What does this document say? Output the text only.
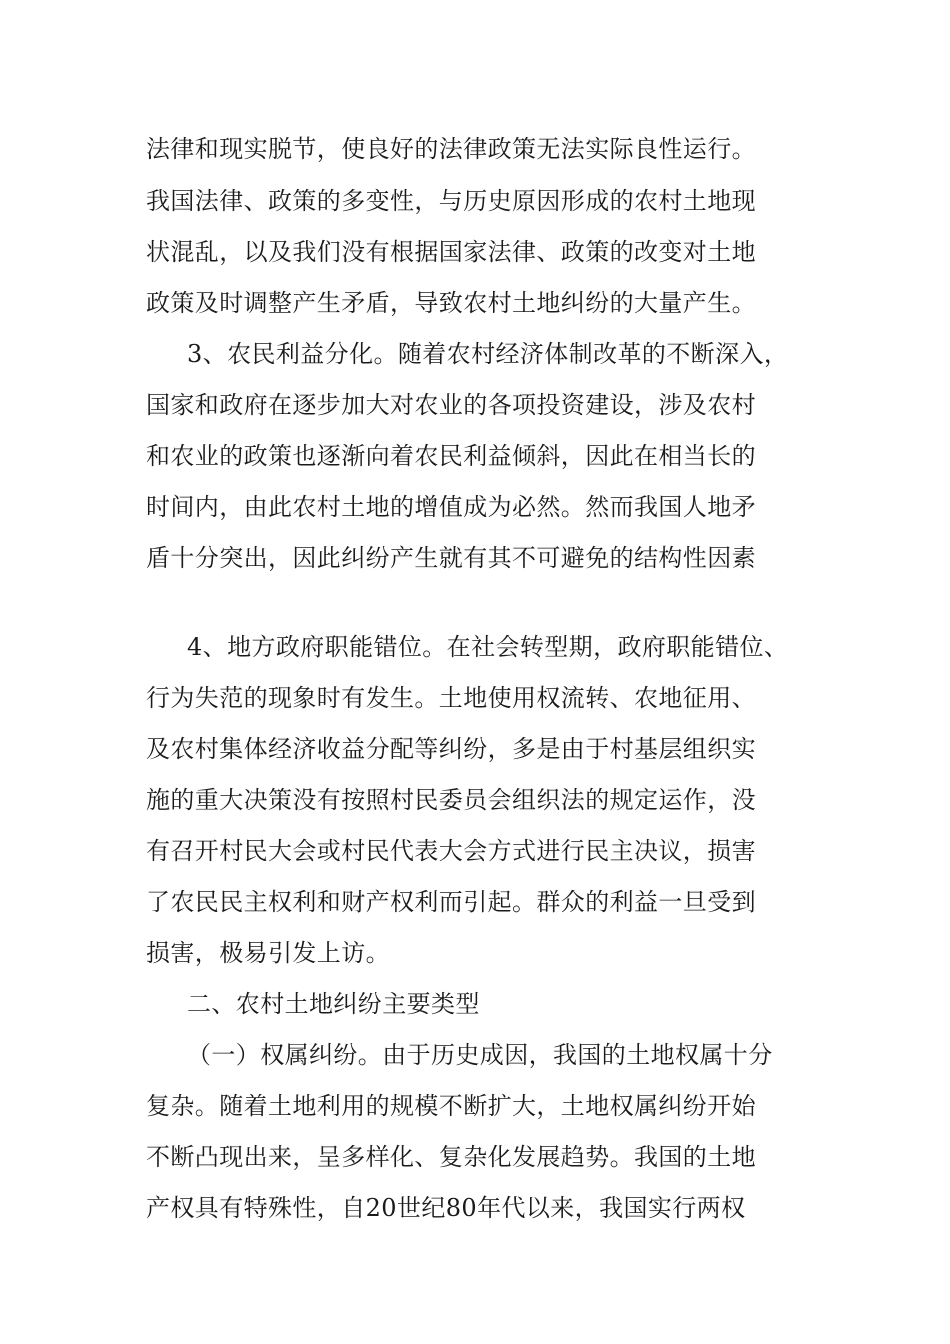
法律和现实脱节，使良好的法律政策无法实际良性运行。
我国法律、政策的多变性，与历史原因形成的农村土地现
状混乱，以及我们没有根据国家法律、政策的改变对土地
政策及时调整产生矛盾，导致农村土地纠纷的大量产生。
3、农民利益分化。随着农村经济体制改革的不断深入，
国家和政府在逐步加大对农业的各项投资建设，涉及农村
和农业的政策也逐渐向着农民利益倾斜，因此在相当长的
时间内，由此农村土地的增值成为必然。然而我国人地矛
盾十分突出，因此纠纷产生就有其不可避免的结构性因素
4、地方政府职能错位。在社会转型期，政府职能错位、
行为失范的现象时有发生。土地使用权流转、农地征用、
及农村集体经济收益分配等纠纷，多是由于村基层组织实
施的重大决策没有按照村民委员会组织法的规定运作，没
有召开村民大会或村民代表大会方式进行民主决议，损害
了农民民主权利和财产权利而引起。群众的利益一旦受到
损害，极易引发上访。
二、农村土地纠纷主要类型
（一）权属纠纷。由于历史成因，我国的土地权属十分
复杂。随着土地利用的规模不断扩大，土地权属纠纷开始
不断凸现出来，呈多样化、复杂化发展趋势。我国的土地
产权具有特殊性，自20世纪80年代以来，我国实行两权
